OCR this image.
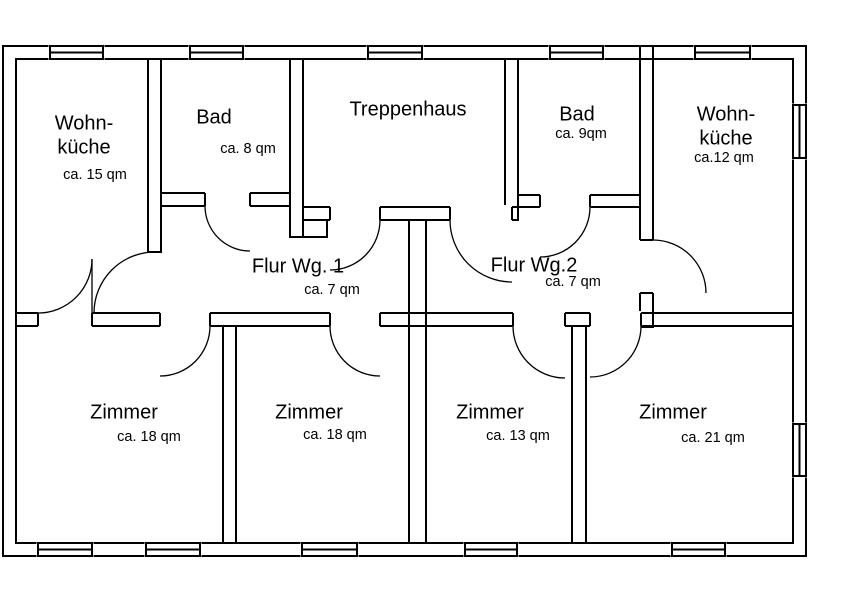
Wohn-
küche
ca. 15 qm
Bad
ca. 8 qm
Treppenhaus	Bad
ca. 9qm
Wohn-
küche
ca.12 qm
Flur Wg. 1
ca. 7 qm
Flur Wg.2
ca. 7 qm
Zimmer
ca. 18 qm
Zimmer
ca. 18 qm
Zimmer
ca. 13 qm
Zimmer
ca. 21 qm
